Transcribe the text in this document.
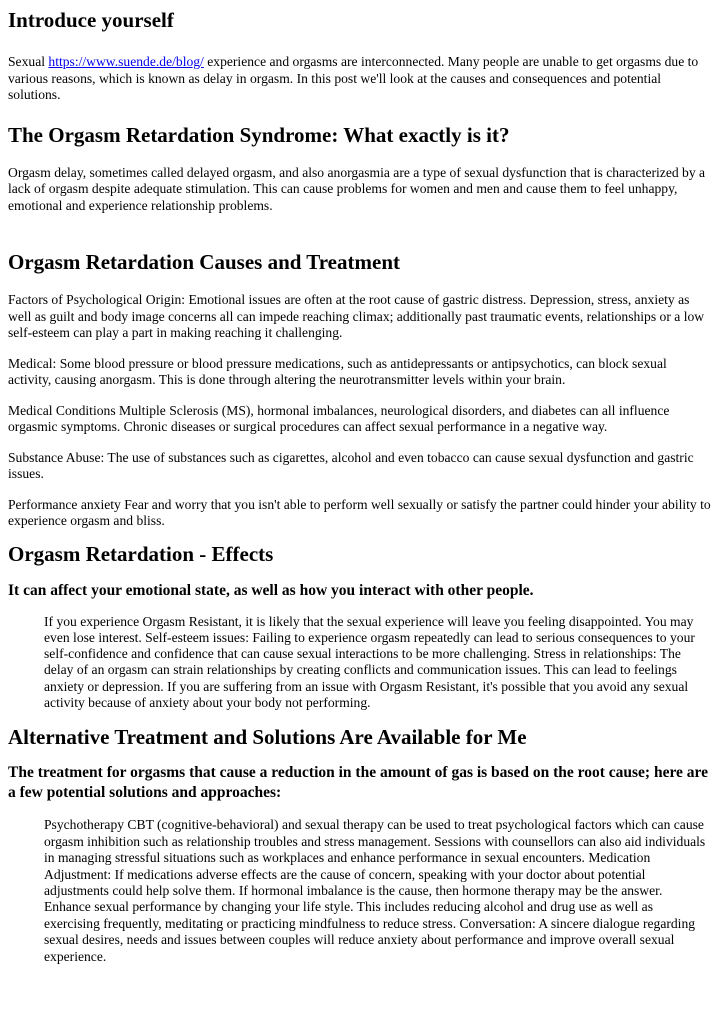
Introduce yourself

Sexual https://www.suende.de/blog/ experience and orgasms are interconnected. Many people are unable to get orgasms due to various reasons, which is known as delay in orgasm. In this post we'll look at the causes and consequences and potential solutions.

The Orgasm Retardation Syndrome: What exactly is it?

Orgasm delay, sometimes called delayed orgasm, and also anorgasmia are a type of sexual dysfunction that is characterized by a lack of orgasm despite adequate stimulation. This can cause problems for women and men and cause them to feel unhappy, emotional and experience relationship problems.

Orgasm Retardation Causes and Treatment

Factors of Psychological Origin: Emotional issues are often at the root cause of gastric distress. Depression, stress, anxiety as well as guilt and body image concerns all can impede reaching climax; additionally past traumatic events, relationships or a low self-esteem can play a part in making reaching it challenging.

Medical: Some blood pressure or blood pressure medications, such as antidepressants or antipsychotics, can block sexual activity, causing anorgasm. This is done through altering the neurotransmitter levels within your brain.

Medical Conditions Multiple Sclerosis (MS), hormonal imbalances, neurological disorders, and diabetes can all influence orgasmic symptoms. Chronic diseases or surgical procedures can affect sexual performance in a negative way.

Substance Abuse: The use of substances such as cigarettes, alcohol and even tobacco can cause sexual dysfunction and gastric issues.

Performance anxiety Fear and worry that you isn't able to perform well sexually or satisfy the partner could hinder your ability to experience orgasm and bliss.

Orgasm Retardation - Effects
It can affect your emotional state, as well as how you interact with other people.
If you experience Orgasm Resistant, it is likely that the sexual experience will leave you feeling disappointed. You may even lose interest. Self-esteem issues: Failing to experience orgasm repeatedly can lead to serious consequences to your self-confidence and confidence that can cause sexual interactions to be more challenging. Stress in relationships: The delay of an orgasm can strain relationships by creating conflicts and communication issues. This can lead to feelings anxiety or depression. If you are suffering from an issue with Orgasm Resistant, it's possible that you avoid any sexual activity because of anxiety about your body not performing.
Alternative Treatment and Solutions Are Available for Me
The treatment for orgasms that cause a reduction in the amount of gas is based on the root cause; here are a few potential solutions and approaches:
Psychotherapy CBT (cognitive-behavioral) and sexual therapy can be used to treat psychological factors which can cause orgasm inhibition such as relationship troubles and stress management. Sessions with counsellors can also aid individuals in managing stressful situations such as workplaces and enhance performance in sexual encounters. Medication Adjustment: If medications adverse effects are the cause of concern, speaking with your doctor about potential adjustments could help solve them. If hormonal imbalance is the cause, then hormone therapy may be the answer. Enhance sexual performance by changing your life style. This includes reducing alcohol and drug use as well as exercising frequently, meditating or practicing mindfulness to reduce stress. Conversation: A sincere dialogue regarding sexual desires, needs and issues between couples will reduce anxiety about performance and improve overall sexual experience.
